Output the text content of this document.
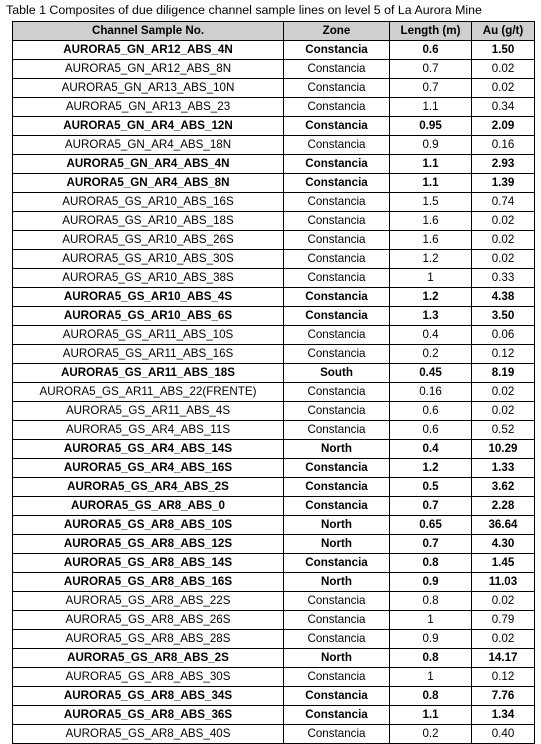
Table 1 Composites of due diligence channel sample lines on level 5 of La Aurora Mine
Channel Sample No.	Zone	Length (m)	Au (g/t)
AURORA5_GN_AR12_ABS_4N	Constancia	0.6	1.50
AURORA5_GN_AR12_ABS_8N	Constancia	0.7	0.02
AURORA5_GN_AR13_ABS_10N	Constancia	0.7	0.02
AURORA5_GN_AR13_ABS_23	Constancia	1.1	0.34
AURORA5_GN_AR4_ABS_12N	Constancia	0.95	2.09
AURORA5_GN_AR4_ABS_18N	Constancia	0.9	0.16
AURORA5_GN_AR4_ABS_4N	Constancia	1.1	2.93
AURORA5_GN_AR4_ABS_8N	Constancia	1.1	1.39
AURORA5_GS_AR10_ABS_16S	Constancia	1.5	0.74
AURORA5_GS_AR10_ABS_18S	Constancia	1.6	0.02
AURORA5_GS_AR10_ABS_26S	Constancia	1.6	0.02
AURORA5_GS_AR10_ABS_30S	Constancia	1.2	0.02
AURORA5_GS_AR10_ABS_38S	Constancia	1	0.33
AURORA5_GS_AR10_ABS_4S	Constancia	1.2	4.38
AURORA5_GS_AR10_ABS_6S	Constancia	1.3	3.50
AURORA5_GS_AR11_ABS_10S	Constancia	0.4	0.06
AURORA5_GS_AR11_ABS_16S	Constancia	0.2	0.12
AURORA5_GS_AR11_ABS_18S	South	0.45	8.19
AURORA5_GS_AR11_ABS_22(FRENTE)	Constancia	0.16	0.02
AURORA5_GS_AR11_ABS_4S	Constancia	0.6	0.02
AURORA5_GS_AR4_ABS_11S	Constancia	0.6	0.52
AURORA5_GS_AR4_ABS_14S	North	0.4	10.29
AURORA5_GS_AR4_ABS_16S	Constancia	1.2	1.33
AURORA5_GS_AR4_ABS_2S	Constancia	0.5	3.62
AURORA5_GS_AR8_ABS_0	Constancia	0.7	2.28
AURORA5_GS_AR8_ABS_10S	North	0.65	36.64
AURORA5_GS_AR8_ABS_12S	North	0.7	4.30
AURORA5_GS_AR8_ABS_14S	Constancia	0.8	1.45
AURORA5_GS_AR8_ABS_16S	North	0.9	11.03
AURORA5_GS_AR8_ABS_22S	Constancia	0.8	0.02
AURORA5_GS_AR8_ABS_26S	Constancia	1	0.79
AURORA5_GS_AR8_ABS_28S	Constancia	0.9	0.02
AURORA5_GS_AR8_ABS_2S	North	0.8	14.17
AURORA5_GS_AR8_ABS_30S	Constancia	1	0.12
AURORA5_GS_AR8_ABS_34S	Constancia	0.8	7.76
AURORA5_GS_AR8_ABS_36S	Constancia	1.1	1.34
AURORA5_GS_AR8_ABS_40S	Constancia	0.2	0.40
